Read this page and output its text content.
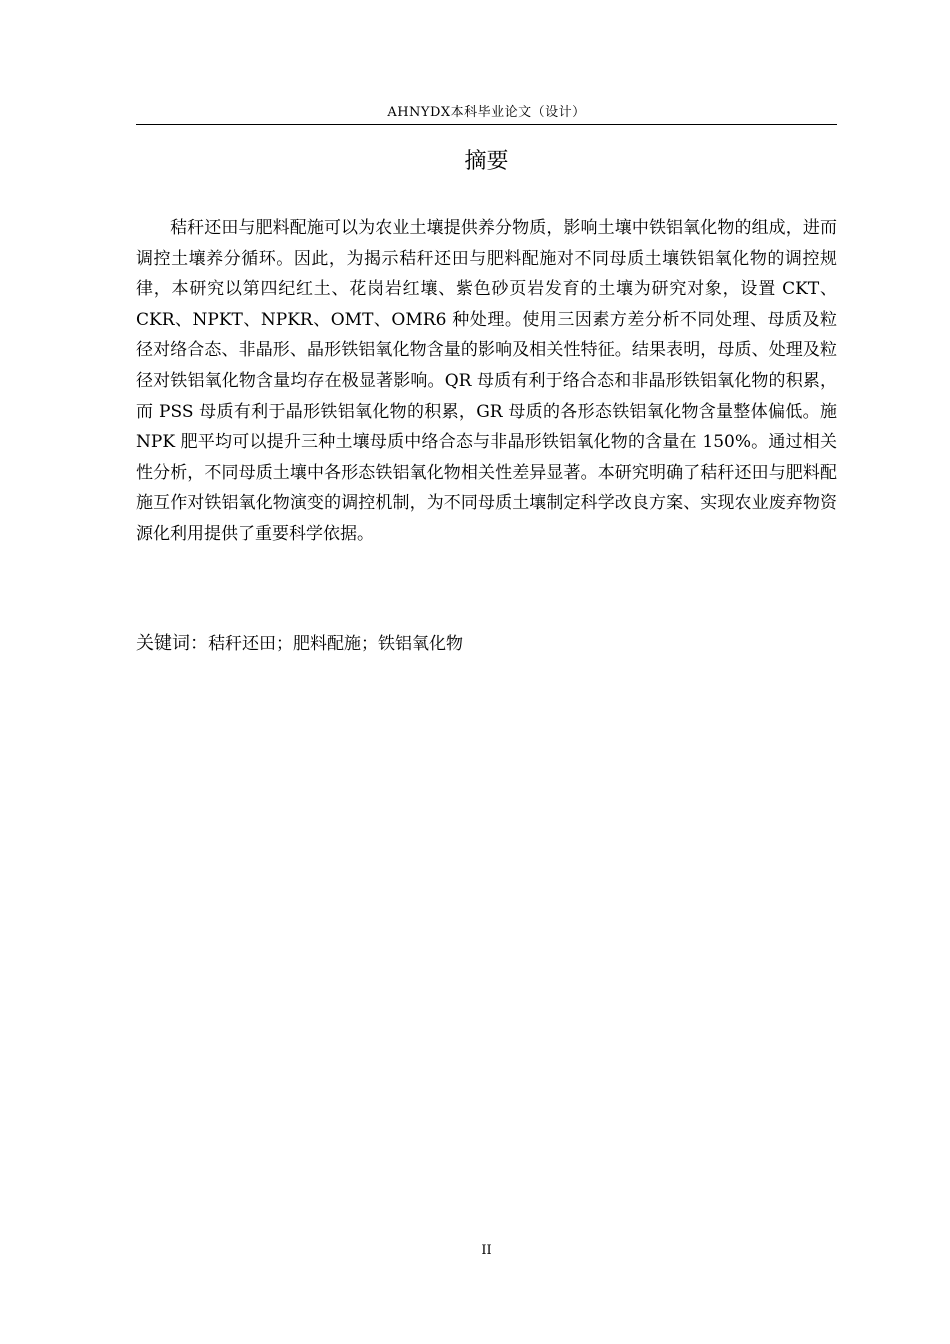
AHNYDX本科毕业论文（设计）
摘要

秸秆还田与肥料配施可以为农业土壤提供养分物质，影响土壤中铁铝氧化物的组成，进而调控土壤养分循环。因此，为揭示秸秆还田与肥料配施对不同母质土壤铁铝氧化物的调控规律，本研究以第四纪红土、花岗岩红壤、紫色砂页岩发育的土壤为研究对象，设置 CKT、CKR、NPKT、NPKR、OMT、OMR6 种处理。使用三因素方差分析不同处理、母质及粒径对络合态、非晶形、晶形铁铝氧化物含量的影响及相关性特征。结果表明，母质、处理及粒径对铁铝氧化物含量均存在极显著影响。QR 母质有利于络合态和非晶形铁铝氧化物的积累，而 PSS 母质有利于晶形铁铝氧化物的积累，GR 母质的各形态铁铝氧化物含量整体偏低。施 NPK 肥平均可以提升三种土壤母质中络合态与非晶形铁铝氧化物的含量在 150%。通过相关性分析，不同母质土壤中各形态铁铝氧化物相关性差异显著。本研究明确了秸秆还田与肥料配施互作对铁铝氧化物演变的调控机制，为不同母质土壤制定科学改良方案、实现农业废弃物资源化利用提供了重要科学依据。

关键词：秸秆还田；肥料配施；铁铝氧化物
II
